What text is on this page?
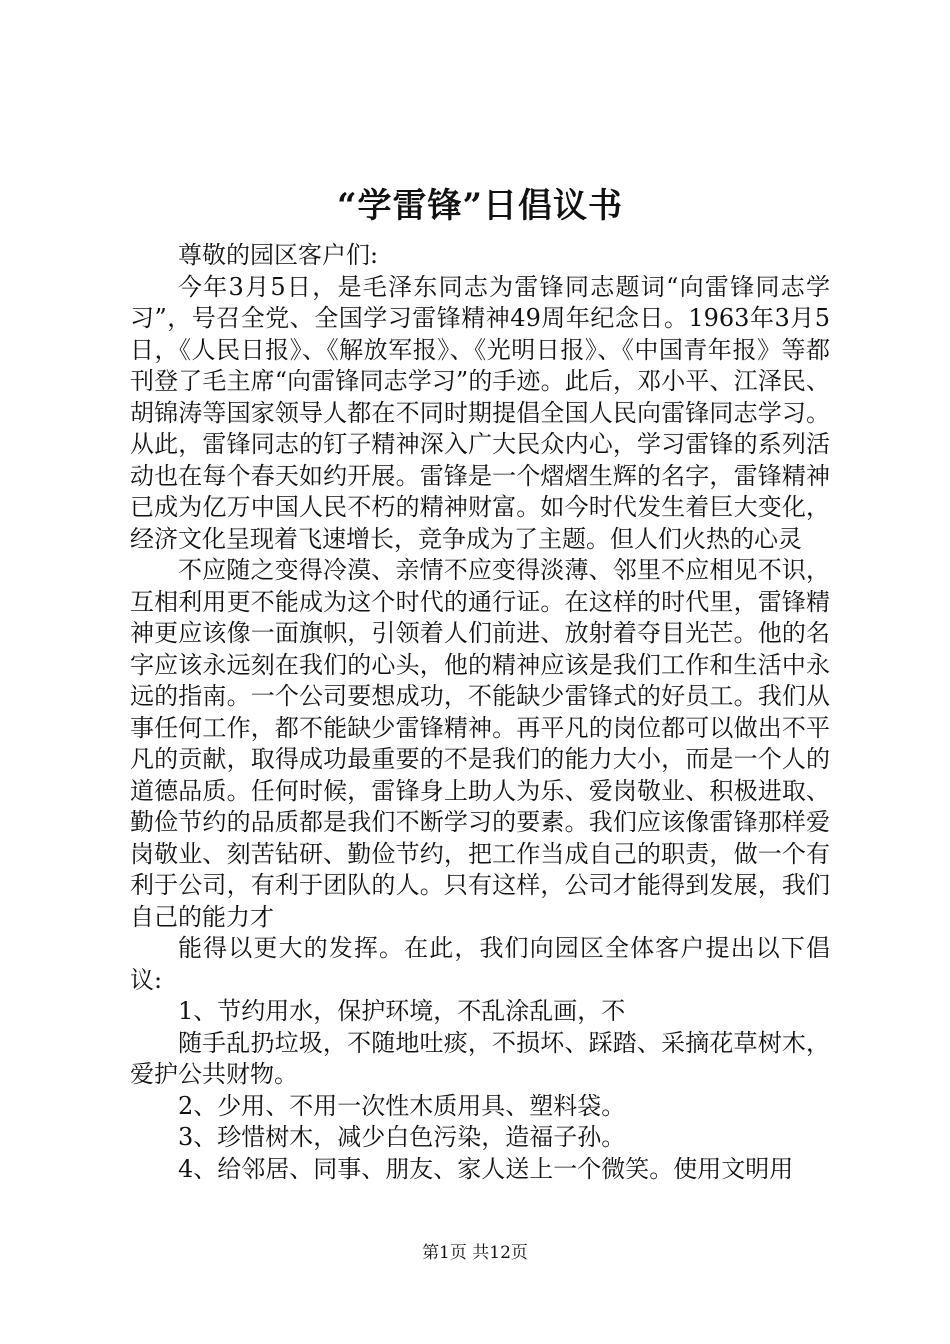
“学雷锋”日倡议书

尊敬的园区客户们:

今年3月5日，是毛泽东同志为雷锋同志题词“向雷锋同志学习”，号召全党、全国学习雷锋精神49周年纪念日。1963年3月5日，《人民日报》、《解放军报》、《光明日报》、《中国青年报》等都刊登了毛主席“向雷锋同志学习”的手迹。此后，邓小平、江泽民、胡锦涛等国家领导人都在不同时期提倡全国人民向雷锋同志学习。从此，雷锋同志的钉子精神深入广大民众内心，学习雷锋的系列活动也在每个春天如约开展。雷锋是一个熠熠生辉的名字，雷锋精神已成为亿万中国人民不朽的精神财富。如今时代发生着巨大变化，经济文化呈现着飞速增长，竞争成为了主题。但人们火热的心灵

不应随之变得冷漠、亲情不应变得淡薄、邻里不应相见不识，互相利用更不能成为这个时代的通行证。在这样的时代里，雷锋精神更应该像一面旗帜，引领着人们前进、放射着夺目光芒。他的名字应该永远刻在我们的心头，他的精神应该是我们工作和生活中永远的指南。一个公司要想成功，不能缺少雷锋式的好员工。我们从事任何工作，都不能缺少雷锋精神。再平凡的岗位都可以做出不平凡的贡献，取得成功最重要的不是我们的能力大小，而是一个人的道德品质。任何时候，雷锋身上助人为乐、爱岗敬业、积极进取、勤俭节约的品质都是我们不断学习的要素。我们应该像雷锋那样爱岗敬业、刻苦钻研、勤俭节约，把工作当成自己的职责，做一个有利于公司，有利于团队的人。只有这样，公司才能得到发展，我们自己的能力才

能得以更大的发挥。在此，我们向园区全体客户提出以下倡议:

1、节约用水，保护环境，不乱涂乱画，不

随手乱扔垃圾，不随地吐痰，不损坏、踩踏、采摘花草树木，爱护公共财物。

2、少用、不用一次性木质用具、塑料袋。

3、珍惜树木，减少白色污染，造福子孙。

4、给邻居、同事、朋友、家人送上一个微笑。使用文明用

第1页 共12页
